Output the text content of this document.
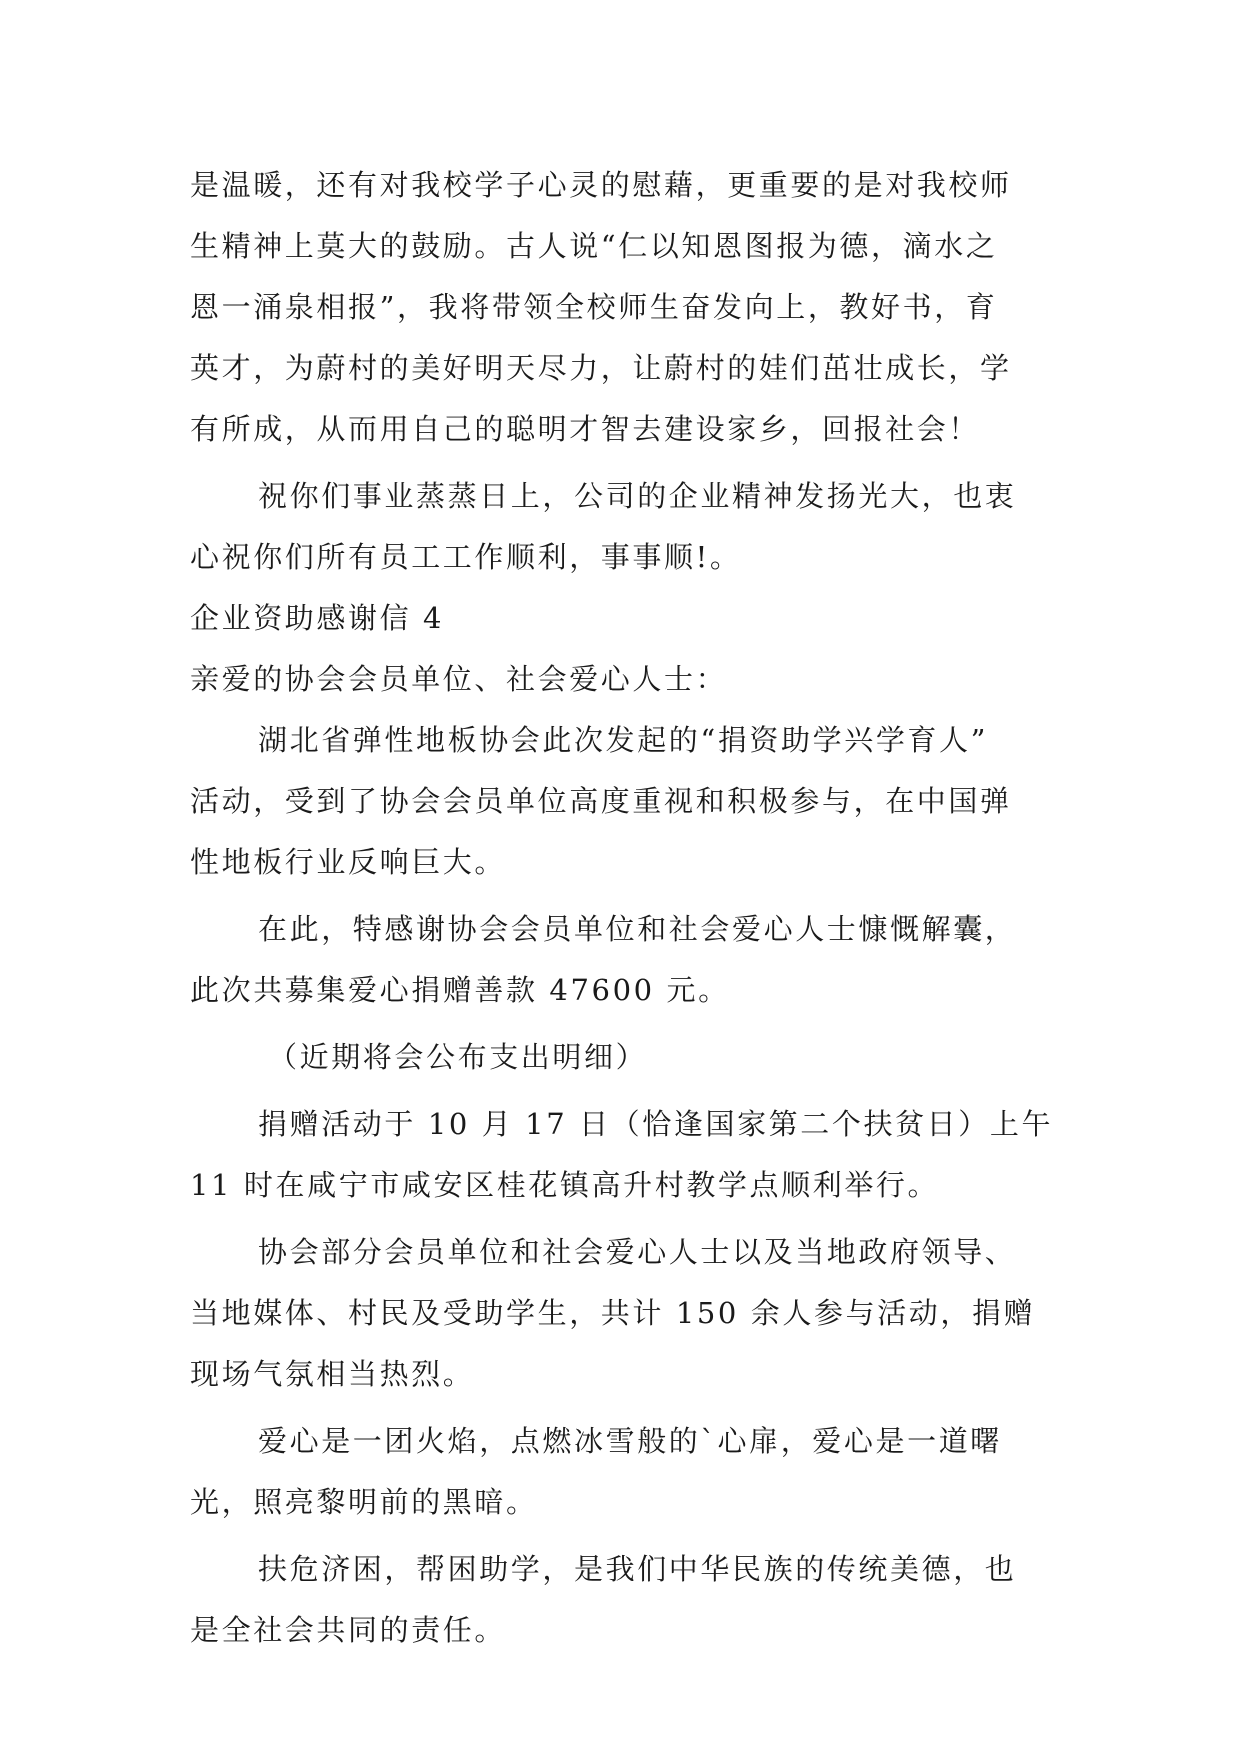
是温暖，还有对我校学子心灵的慰藉，更重要的是对我校师
生精神上莫大的鼓励。古人说“仁以知恩图报为德，滴水之
恩一涌泉相报”，我将带领全校师生奋发向上，教好书，育
英才，为蔚村的美好明天尽力，让蔚村的娃们茁壮成长，学
有所成，从而用自己的聪明才智去建设家乡，回报社会！
祝你们事业蒸蒸日上，公司的企业精神发扬光大，也衷
心祝你们所有员工工作顺利，事事顺!。
企业资助感谢信 4
亲爱的协会会员单位、社会爱心人士：
湖北省弹性地板协会此次发起的“捐资助学兴学育人”
活动，受到了协会会员单位高度重视和积极参与，在中国弹
性地板行业反响巨大。
在此，特感谢协会会员单位和社会爱心人士慷慨解囊，
此次共募集爱心捐赠善款 47600 元。
（近期将会公布支出明细）
捐赠活动于 10 月 17 日（恰逢国家第二个扶贫日）上午
11 时在咸宁市咸安区桂花镇高升村教学点顺利举行。
协会部分会员单位和社会爱心人士以及当地政府领导、
当地媒体、村民及受助学生，共计 150 余人参与活动，捐赠
现场气氛相当热烈。
爱心是一团火焰，点燃冰雪般的`心扉，爱心是一道曙
光，照亮黎明前的黑暗。
扶危济困，帮困助学，是我们中华民族的传统美德，也
是全社会共同的责任。
